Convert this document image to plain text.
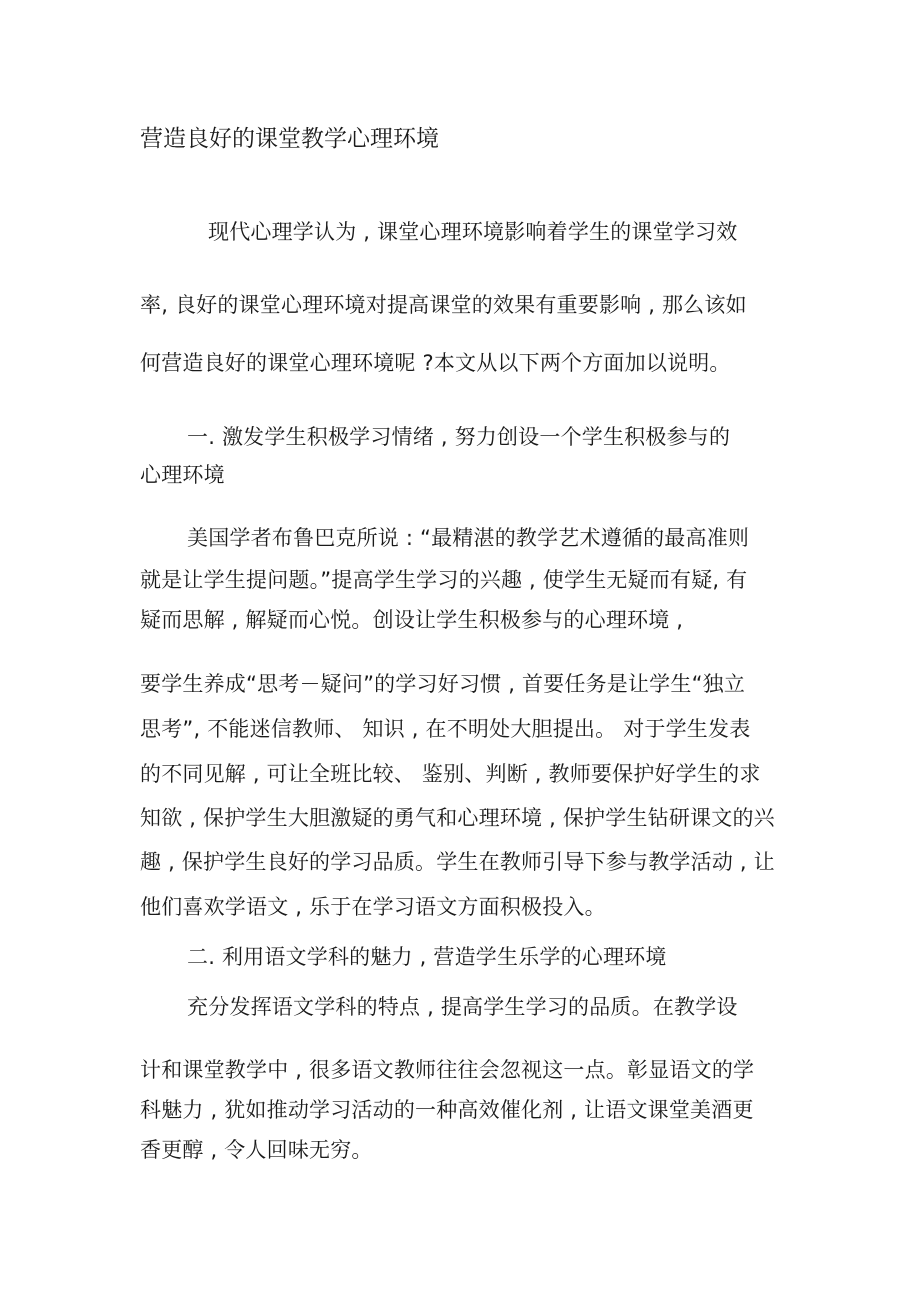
营造良好的课堂教学心理环境
现代心理学认为 , 课堂心理环境影响着学生的课堂学习效
率, 良好的课堂心理环境对提高课堂的效果有重要影响 , 那么该如
何营造良好的课堂心理环境呢 ?本文从以下两个方面加以说明。
一. 激发学生积极学习情绪 , 努力创设一个学生积极参与的
心理环境
美国学者布鲁巴克所说 : “最精湛的教学艺术遵循的最高准则
就是让学生提问题。”提高学生学习的兴趣 , 使学生无疑而有疑, 有
疑而思解 , 解疑而心悦。创设让学生积极参与的心理环境 ,
要学生养成“思考－疑问”的学习好习惯 , 首要任务是让学生“独立
思考”, 不能迷信教师、 知识 , 在不明处大胆提出。 对于学生发表
的不同见解 , 可让全班比较、 鉴别、判断 , 教师要保护好学生的求
知欲 , 保护学生大胆激疑的勇气和心理环境 , 保护学生钻研课文的兴
趣 , 保护学生良好的学习品质。学生在教师引导下参与教学活动 , 让
他们喜欢学语文 , 乐于在学习语文方面积极投入。
二. 利用语文学科的魅力 , 营造学生乐学的心理环境
充分发挥语文学科的特点 , 提高学生学习的品质。在教学设
计和课堂教学中 , 很多语文教师往往会忽视这一点。彰显语文的学
科魅力 , 犹如推动学习活动的一种高效催化剂 , 让语文课堂美酒更
香更醇 , 令人回味无穷。
